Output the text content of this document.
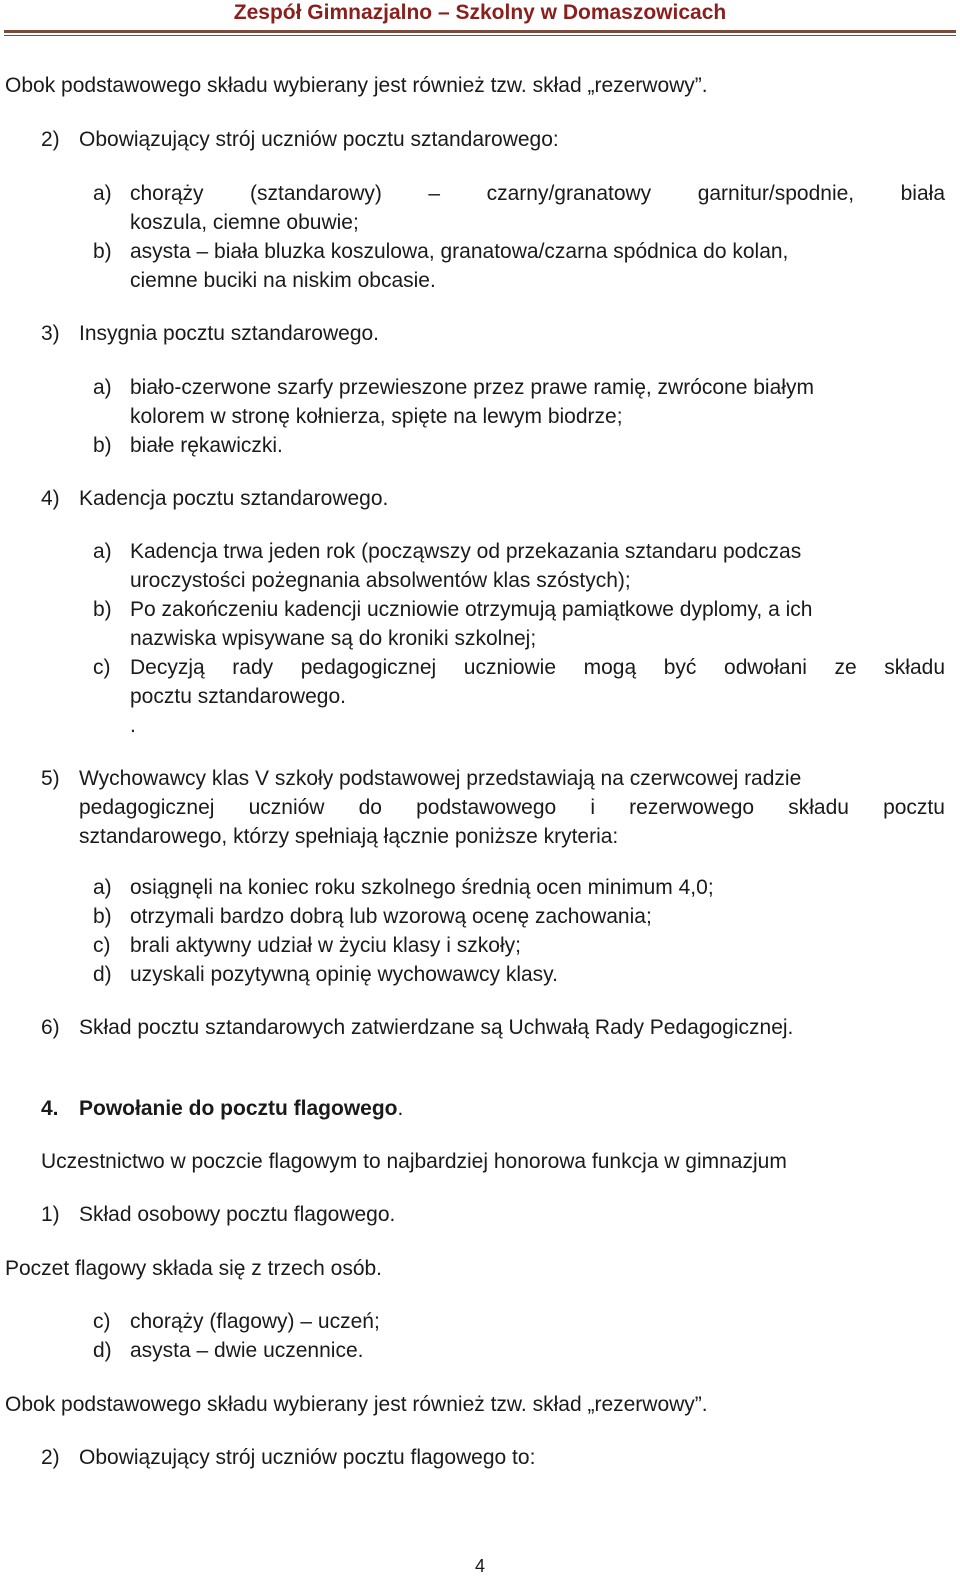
Zespół Gimnazjalno – Szkolny w Domaszowicach
Obok podstawowego składu wybierany jest również tzw. skład „rezerwowy”.
2) Obowiązujący strój uczniów pocztu sztandarowego:
a) chorąży (sztandarowy) – czarny/granatowy garnitur/spodnie, biała
koszula, ciemne obuwie;
b) asysta – biała bluzka koszulowa, granatowa/czarna spódnica do kolan,
ciemne buciki na niskim obcasie.
3) Insygnia pocztu sztandarowego.
a) biało-czerwone szarfy przewieszone przez prawe ramię, zwrócone białym
kolorem w stronę kołnierza, spięte na lewym biodrze;
b) białe rękawiczki.
4) Kadencja pocztu sztandarowego.
a) Kadencja trwa jeden rok (począwszy od przekazania sztandaru podczas
uroczystości pożegnania absolwentów klas szóstych);
b) Po zakończeniu kadencji uczniowie otrzymują pamiątkowe dyplomy, a ich
nazwiska wpisywane są do kroniki szkolnej;
c) Decyzją rady pedagogicznej uczniowie mogą być odwołani ze składu
pocztu sztandarowego.
.
5) Wychowawcy klas V szkoły podstawowej przedstawiają na czerwcowej radzie
pedagogicznej uczniów do podstawowego i rezerwowego składu pocztu
sztandarowego, którzy spełniają łącznie poniższe kryteria:
a) osiągnęli na koniec roku szkolnego średnią ocen minimum 4,0;
b) otrzymali bardzo dobrą lub wzorową ocenę zachowania;
c) brali aktywny udział w życiu klasy i szkoły;
d) uzyskali pozytywną opinię wychowawcy klasy.
6) Skład pocztu sztandarowych zatwierdzane są Uchwałą Rady Pedagogicznej.
4. Powołanie do pocztu flagowego.
Uczestnictwo w poczcie flagowym to najbardziej honorowa funkcja w gimnazjum
1) Skład osobowy pocztu flagowego.
Poczet flagowy składa się z trzech osób.
c) chorąży (flagowy) – uczeń;
d) asysta – dwie uczennice.
Obok podstawowego składu wybierany jest również tzw. skład „rezerwowy”.
2) Obowiązujący strój uczniów pocztu flagowego to:
4
